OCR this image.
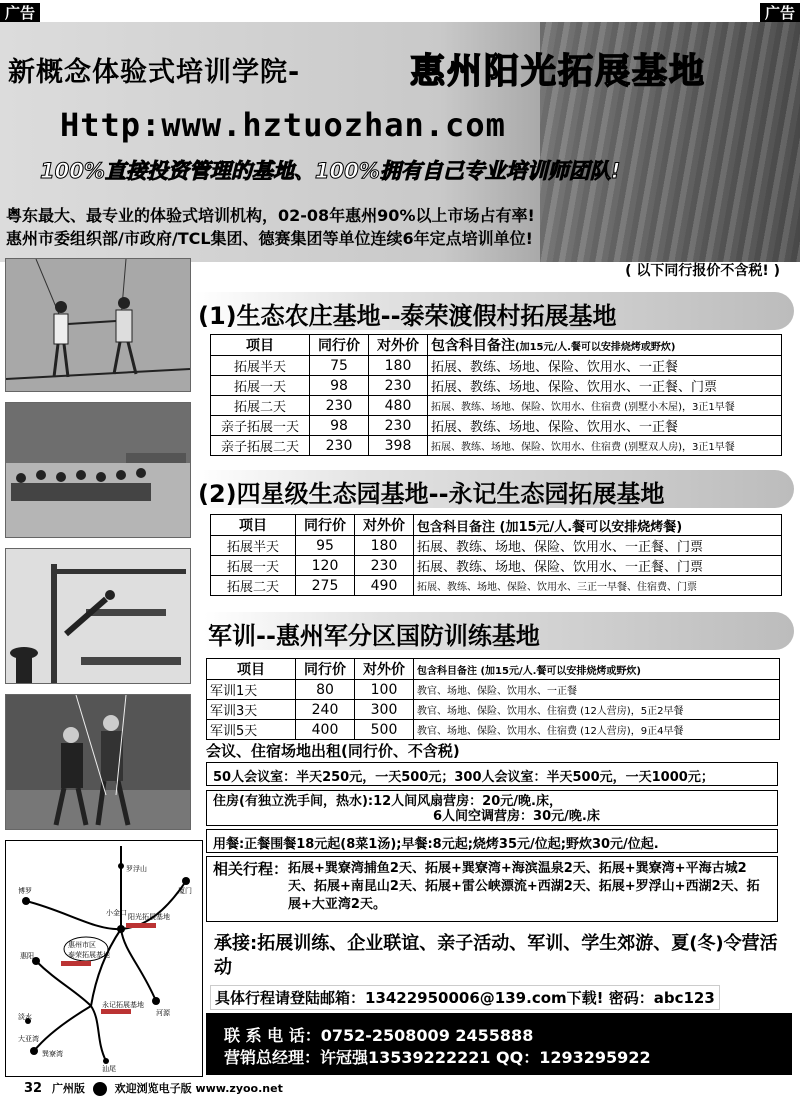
广告	广告
新概念体验式培训学院-	惠州阳光拓展基地
Http:www.hztuozhan.com
100%直接投资管理的基地、100%拥有自己专业培训师团队!
粤东最大、最专业的体验式培训机构，02-08年惠州90%以上市场占有率!
惠州市委组织部/市政府/TCL集团、德赛集团等单位连续6年定点培训单位!
( 以下同行报价不含税! )
博罗
罗浮山
厦门
小金口 阳光拓展基地
惠州市区
泰荣拓展基地
惠阳
永记拓展基地
淡水	河源
大亚湾
巽寮湾
汕尾
(1)生态农庄基地--泰荣渡假村拓展基地
项目	同行价	对外价	包含科目备注(加15元/人.餐可以安排烧烤或野炊)
拓展半天	75	180	拓展、教练、场地、保险、饮用水、一正餐
拓展一天	98	230	拓展、教练、场地、保险、饮用水、一正餐、门票
拓展二天	230	480	拓展、教练、场地、保险、饮用水、住宿费 (别墅小木屋)，3正1早餐
亲子拓展一天	98	230	拓展、教练、场地、保险、饮用水、一正餐
亲子拓展二天	230	398	拓展、教练、场地、保险、饮用水、住宿费 (别墅双人房)，3正1早餐
(2)四星级生态园基地--永记生态园拓展基地
项目	同行价	对外价	包含科目备注 (加15元/人.餐可以安排烧烤餐)
拓展半天	95	180	拓展、教练、场地、保险、饮用水、一正餐、门票
拓展一天	120	230	拓展、教练、场地、保险、饮用水、一正餐、门票
拓展二天	275	490	拓展、教练、场地、保险、饮用水、三正一早餐、住宿费、门票
军训--惠州军分区国防训练基地
项目	同行价	对外价	包含科目备注 (加15元/人.餐可以安排烧烤或野炊)
军训1天	80	100	教官、场地、保险、饮用水、一正餐
军训3天	240	300	教官、场地、保险、饮用水、住宿费 (12人营房)，5正2早餐
军训5天	400	500	教官、场地、保险、饮用水、住宿费 (12人营房)，9正4早餐
会议、住宿场地出租(同行价、不含税)
50人会议室：半天250元，一天500元；300人会议室：半天500元，一天1000元；
住房(有独立洗手间，热水):12人间风扇营房：20元/晚.床，
6人间空调营房：30元/晚.床
用餐:正餐围餐18元起(8菜1汤);早餐:8元起;烧烤35元/位起;野炊30元/位起.
相关行程： 拓展+巽寮湾捕鱼2天、拓展+巽寮湾+海滨温泉2天、拓展+巽寮湾+平海古城2天、拓展+南昆山2天、拓展+雷公峡漂流+西湖2天、拓展+罗浮山+西湖2天、拓展+大亚湾2天。
承接:拓展训练、企业联谊、亲子活动、军训、学生郊游、夏(冬)令营活动
具体行程请登陆邮箱：13422950006@139.com下载! 密码：abc123
联 系 电 话：0752-2508009 2455888
营销总经理：许冠强13539222221 QQ：1293295922
32 广州版	欢迎浏览电子版 www.zyoo.net
